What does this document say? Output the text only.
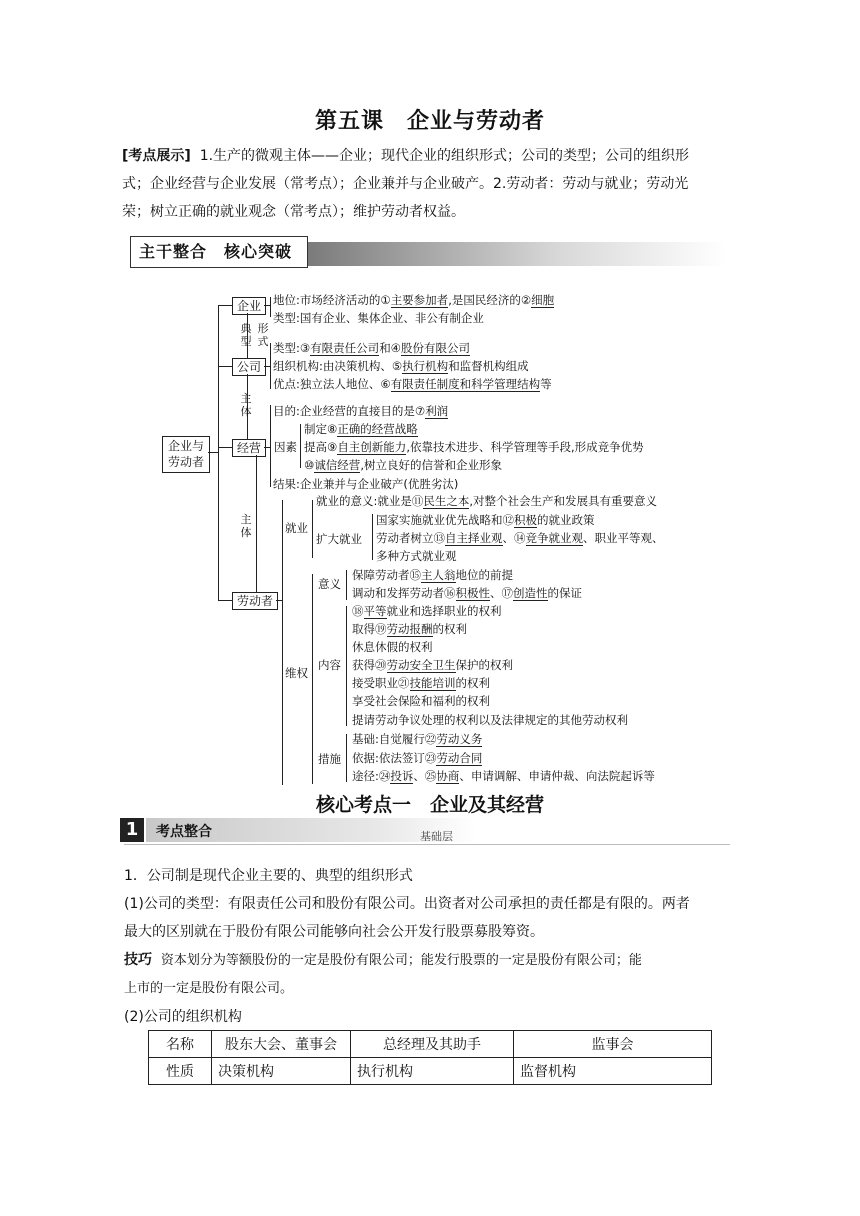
第五课　企业与劳动者
[考点展示] 1.生产的微观主体——企业；现代企业的组织形式；公司的类型；公司的组织形
式；企业经营与企业发展（常考点）；企业兼并与企业破产。2.劳动者：劳动与就业；劳动光
荣；树立正确的就业观念（常考点）；维护劳动者权益。
主干整合　核心突破
企业与劳动者
企业
公司
经营
劳动者
典型
形式
主体
主体
地位:市场经济活动的①主要参加者,是国民经济的②细胞
类型:国有企业、集体企业、非公有制企业
类型:③有限责任公司和④股份有限公司
组织机构:由决策机构、⑤执行机构和监督机构组成
优点:独立法人地位、⑥有限责任制度和科学管理结构等
目的:企业经营的直接目的是⑦利润
因素
制定⑧正确的经营战略
提高⑨自主创新能力,依靠技术进步、科学管理等手段,形成竞争优势
⑩诚信经营,树立良好的信誉和企业形象
结果:企业兼并与企业破产(优胜劣汰)
就业
就业的意义:就业是⑪民生之本,对整个社会生产和发展具有重要意义
扩大就业
国家实施就业优先战略和⑫积极的就业政策
劳动者树立⑬自主择业观、⑭竞争就业观、职业平等观、
多种方式就业观
维权
意义
保障劳动者⑮主人翁地位的前提
调动和发挥劳动者⑯积极性、⑰创造性的保证
内容
⑱平等就业和选择职业的权利
取得⑲劳动报酬的权利
休息休假的权利
获得⑳劳动安全卫生保护的权利
接受职业㉑技能培训的权利
享受社会保险和福利的权利
提请劳动争议处理的权利以及法律规定的其他劳动权利
措施
基础:自觉履行㉒劳动义务
依据:依法签订㉓劳动合同
途径:㉔投诉、㉕协商、申请调解、申请仲裁、向法院起诉等
核心考点一　企业及其经营
1	考点整合	基础层
1．公司制是现代企业主要的、典型的组织形式
(1)公司的类型：有限责任公司和股份有限公司。出资者对公司承担的责任都是有限的。两者
最大的区别就在于股份有限公司能够向社会公开发行股票募股筹资。
技巧 资本划分为等额股份的一定是股份有限公司；能发行股票的一定是股份有限公司；能
上市的一定是股份有限公司。
(2)公司的组织机构
名称	股东大会、董事会	总经理及其助手	监事会
性质	决策机构	执行机构	监督机构
